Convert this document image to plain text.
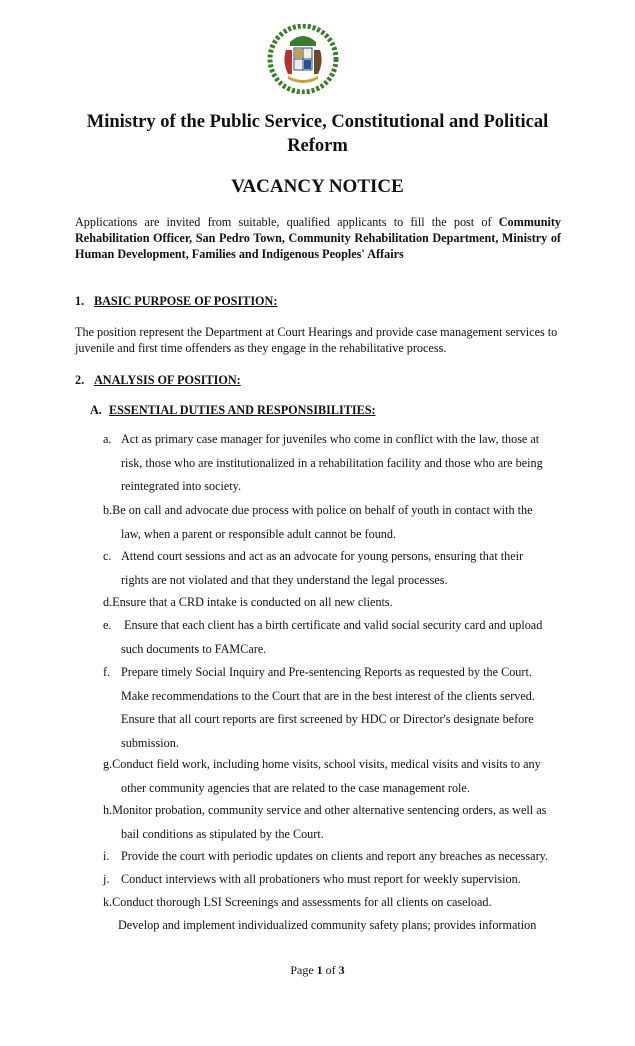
Ministry of the Public Service, Constitutional and Political Reform
VACANCY NOTICE
Applications are invited from suitable, qualified applicants to fill the post of Community Rehabilitation Officer, San Pedro Town, Community Rehabilitation Department, Ministry of Human Development, Families and Indigenous Peoples' Affairs
1. BASIC PURPOSE OF POSITION:
The position represent the Department at Court Hearings and provide case management services to juvenile and first time offenders as they engage in the rehabilitative process.
2. ANALYSIS OF POSITION:
A. ESSENTIAL DUTIES AND RESPONSIBILITIES:
a. Act as primary case manager for juveniles who come in conflict with the law, those at
risk, those who are institutionalized in a rehabilitation facility and those who are being reintegrated into society.
b.Be on call and advocate due process with police on behalf of youth in contact with the
law, when a parent or responsible adult cannot be found.
c. Attend court sessions and act as an advocate for young persons, ensuring that their
rights are not violated and that they understand the legal processes.
d.Ensure that a CRD intake is conducted on all new clients.
e. Ensure that each client has a birth certificate and valid social security card and upload
such documents to FAMCare.
f. Prepare timely Social Inquiry and Pre-sentencing Reports as requested by the Court.
Make recommendations to the Court that are in the best interest of the clients served. Ensure that all court reports are first screened by HDC or Director's designate before submission.
g.Conduct field work, including home visits, school visits, medical visits and visits to any
other community agencies that are related to the case management role.
h.Monitor probation, community service and other alternative sentencing orders, as well as
bail conditions as stipulated by the Court.
i. Provide the court with periodic updates on clients and report any breaches as necessary.
j. Conduct interviews with all probationers who must report for weekly supervision.
k.Conduct thorough LSI Screenings and assessments for all clients on caseload.
Develop and implement individualized community safety plans; provides information
Page 1 of 3
